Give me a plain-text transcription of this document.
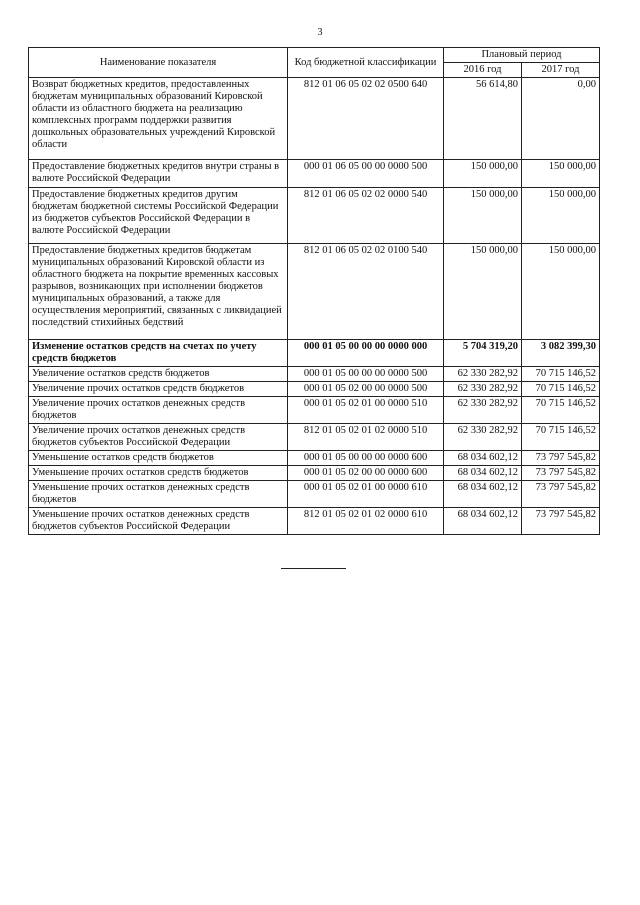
3
Наименование показателя	Код бюджетной классификации	Плановый период	
		2016 год	2017 год
Возврат бюджетных кредитов, предоставленных бюджетам муниципальных образований Кировской области из областного бюджета на реализацию комплексных программ поддержки развития дошкольных образовательных учреждений Кировской области	812 01 06 05 02 02 0500 640	56 614,80	0,00
Предоставление бюджетных кредитов внутри страны в валюте Российской Федерации	000 01 06 05 00 00 0000 500	150 000,00	150 000,00
Предоставление бюджетных кредитов другим бюджетам бюджетной системы Российской Федерации из бюджетов субъектов Российской Федерации в валюте Российской Федерации	812 01 06 05 02 02 0000 540	150 000,00	150 000,00
Предоставление бюджетных кредитов бюджетам муниципальных образований Кировской области из областного бюджета на покрытие временных кассовых разрывов, возникающих при исполнении бюджетов муниципальных образований, а также для осуществления мероприятий, связанных с ликвидацией последствий стихийных бедствий	812 01 06 05 02 02 0100 540	150 000,00	150 000,00
Изменение остатков средств на счетах по учету средств бюджетов	000 01 05 00 00 00 0000 000	5 704 319,20	3 082 399,30
Увеличение остатков средств бюджетов	000 01 05 00 00 00 0000 500	62 330 282,92	70 715 146,52
Увеличение прочих остатков средств бюджетов	000 01 05 02 00 00 0000 500	62 330 282,92	70 715 146,52
Увеличение прочих остатков денежных средств бюджетов	000 01 05 02 01 00 0000 510	62 330 282,92	70 715 146,52
Увеличение прочих остатков денежных средств бюджетов субъектов Российской Федерации	812 01 05 02 01 02 0000 510	62 330 282,92	70 715 146,52
Уменьшение остатков средств бюджетов	000 01 05 00 00 00 0000 600	68 034 602,12	73 797 545,82
Уменьшение прочих остатков средств бюджетов	000 01 05 02 00 00 0000 600	68 034 602,12	73 797 545,82
Уменьшение прочих остатков денежных средств бюджетов	000 01 05 02 01 00 0000 610	68 034 602,12	73 797 545,82
Уменьшение прочих остатков денежных средств бюджетов субъектов Российской Федерации	812 01 05 02 01 02 0000 610	68 034 602,12	73 797 545,82
